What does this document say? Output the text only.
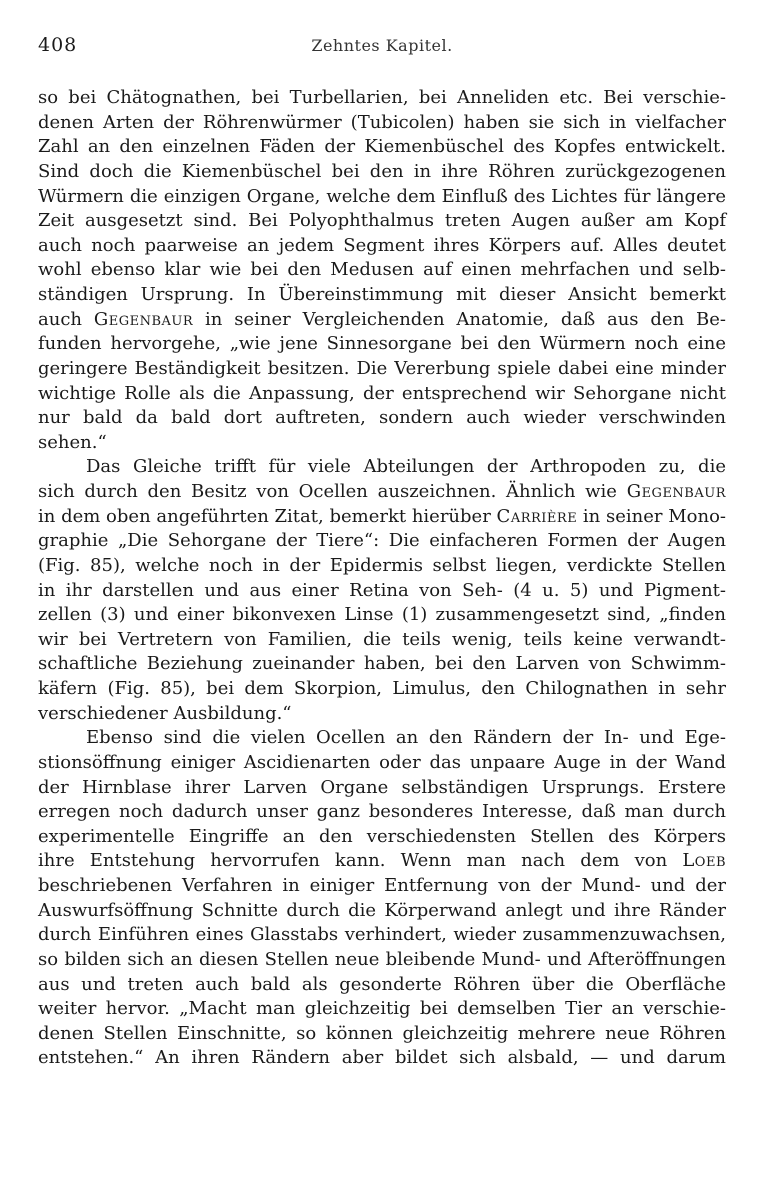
408	Zehntes Kapitel.
so bei Chätognathen, bei Turbellarien, bei Anneliden etc. Bei verschie-
denen Arten der Röhrenwürmer (Tubicolen) haben sie sich in vielfacher
Zahl an den einzelnen Fäden der Kiemenbüschel des Kopfes entwickelt.
Sind doch die Kiemenbüschel bei den in ihre Röhren zurückgezogenen
Würmern die einzigen Organe, welche dem Einfluß des Lichtes für längere
Zeit ausgesetzt sind. Bei Polyophthalmus treten Augen außer am Kopf
auch noch paarweise an jedem Segment ihres Körpers auf. Alles deutet
wohl ebenso klar wie bei den Medusen auf einen mehrfachen und selb-
ständigen Ursprung. In Übereinstimmung mit dieser Ansicht bemerkt
auch Gegenbaur in seiner Vergleichenden Anatomie, daß aus den Be-
funden hervorgehe, „wie jene Sinnesorgane bei den Würmern noch eine
geringere Beständigkeit besitzen. Die Vererbung spiele dabei eine minder
wichtige Rolle als die Anpassung, der entsprechend wir Sehorgane nicht
nur bald da bald dort auftreten, sondern auch wieder verschwinden
sehen.“
Das Gleiche trifft für viele Abteilungen der Arthropoden zu, die
sich durch den Besitz von Ocellen auszeichnen. Ähnlich wie Gegenbaur
in dem oben angeführten Zitat, bemerkt hierüber Carrière in seiner Mono-
graphie „Die Sehorgane der Tiere“: Die einfacheren Formen der Augen
(Fig. 85), welche noch in der Epidermis selbst liegen, verdickte Stellen
in ihr darstellen und aus einer Retina von Seh- (4 u. 5) und Pigment-
zellen (3) und einer bikonvexen Linse (1) zusammengesetzt sind, „finden
wir bei Vertretern von Familien, die teils wenig, teils keine verwandt-
schaftliche Beziehung zueinander haben, bei den Larven von Schwimm-
käfern (Fig. 85), bei dem Skorpion, Limulus, den Chilognathen in sehr
verschiedener Ausbildung.“
Ebenso sind die vielen Ocellen an den Rändern der In- und Ege-
stionsöffnung einiger Ascidienarten oder das unpaare Auge in der Wand
der Hirnblase ihrer Larven Organe selbständigen Ursprungs. Erstere
erregen noch dadurch unser ganz besonderes Interesse, daß man durch
experimentelle Eingriffe an den verschiedensten Stellen des Körpers
ihre Entstehung hervorrufen kann. Wenn man nach dem von Loeb
beschriebenen Verfahren in einiger Entfernung von der Mund- und der
Auswurfsöffnung Schnitte durch die Körperwand anlegt und ihre Ränder
durch Einführen eines Glasstabs verhindert, wieder zusammenzuwachsen,
so bilden sich an diesen Stellen neue bleibende Mund- und Afteröffnungen
aus und treten auch bald als gesonderte Röhren über die Oberfläche
weiter hervor. „Macht man gleichzeitig bei demselben Tier an verschie-
denen Stellen Einschnitte, so können gleichzeitig mehrere neue Röhren
entstehen.“ An ihren Rändern aber bildet sich alsbald, — und darum
